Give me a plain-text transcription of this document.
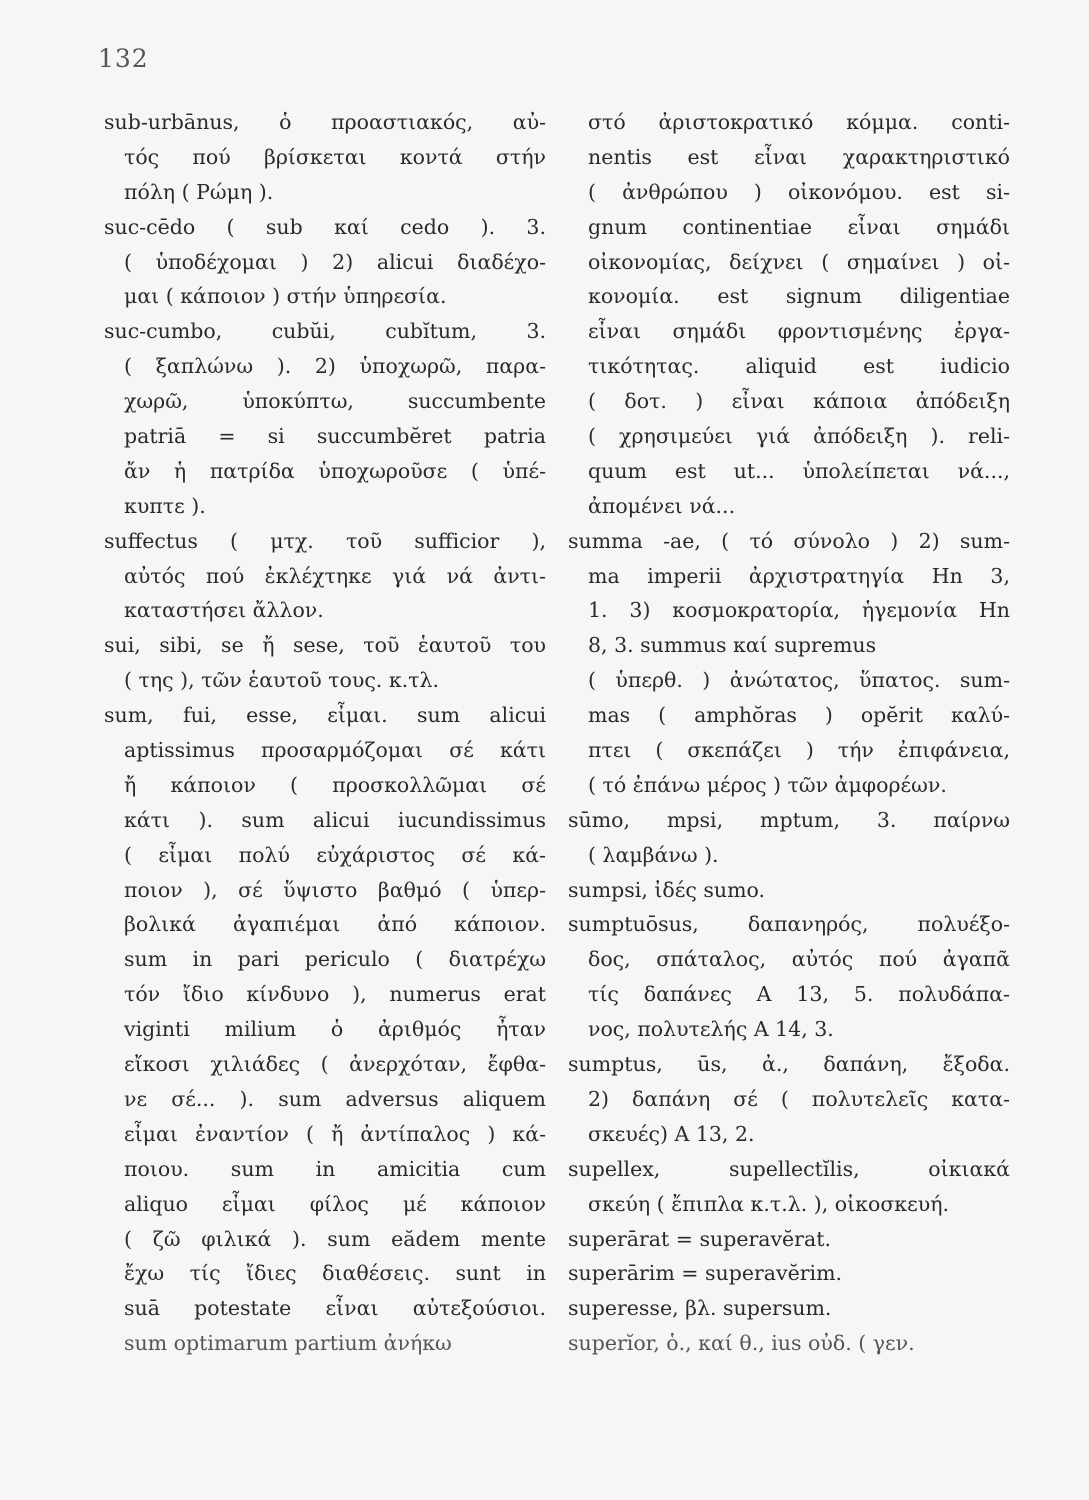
132
sub-urbānus, ὁ προαστιακός, αὐ-
τός πού βρίσκεται κοντά στήν
πόλη ( Ρώμη ).
suc-cēdo ( sub καί cedo ). 3.
( ὑποδέχομαι ) 2) alicui διαδέχο-
μαι ( κάποιον ) στήν ὑπηρεσία.
suc-cumbo, cubŭi, cubĭtum, 3.
( ξαπλώνω ). 2) ὑποχωρῶ, παρα-
χωρῶ, ὑποκύπτω, succumbente
patriā = si succumbĕret patria
ἄν ἡ πατρίδα ὑποχωροῦσε ( ὑπέ-
κυπτε ).
suffectus ( μτχ. τοῦ sufficior ),
αὐτός πού ἐκλέχτηκε γιά νά ἀντι-
καταστήσει ἄλλον.
sui, sibi, se ἤ sese, τοῦ ἑαυτοῦ του
( της ), τῶν ἑαυτοῦ τους. κ.τλ.
sum, fui, esse, εἶμαι. sum alicui
aptissimus προσαρμόζομαι σέ κάτι
ἤ κάποιον ( προσκολλῶμαι σέ
κάτι ). sum alicui iucundissimus
( εἶμαι πολύ εὐχάριστος σέ κά-
ποιον ), σέ ὕψιστο βαθμό ( ὑπερ-
βολικά ἀγαπιέμαι ἀπό κάποιον.
sum in pari periculo ( διατρέχω
τόν ἴδιο κίνδυνο ), numerus erat
viginti milium ὁ ἀριθμός ἦταν
εἴκοσι χιλιάδες ( ἀνερχόταν, ἔφθα-
νε σέ... ). sum adversus aliquem
εἶμαι ἐναντίον ( ἤ ἀντίπαλος ) κά-
ποιου. sum in amicitia cum
aliquo εἶμαι φίλος μέ κάποιον
( ζῶ φιλικά ). sum eădem mente
ἔχω τίς ἴδιες διαθέσεις. sunt in
suā potestate εἶναι αὐτεξούσιοι.
sum optimarum partium ἀνήκω
στό ἀριστοκρατικό κόμμα. conti-
nentis est εἶναι χαρακτηριστικό
( ἀνθρώπου ) οἰκονόμου. est si-
gnum continentiae εἶναι σημάδι
οἰκονομίας, δείχνει ( σημαίνει ) οἰ-
κονομία. est signum diligentiae
εἶναι σημάδι φροντισμένης ἐργα-
τικότητας. aliquid est iudicio
( δοτ. ) εἶναι κάποια ἀπόδειξη
( χρησιμεύει γιά ἀπόδειξη ). reli-
quum est ut... ὑπολείπεται νά...,
ἀπομένει νά...
summa -ae, ( τό σύνολο ) 2) sum-
ma imperii ἀρχιστρατηγία Hn 3,
1. 3) κοσμοκρατορία, ἡγεμονία Hn
8, 3. summus καί supremus
( ὑπερθ. ) ἀνώτατος, ὕπατος. sum-
mas ( amphŏras ) opĕrit καλύ-
πτει ( σκεπάζει ) τήν ἐπιφάνεια,
( τό ἐπάνω μέρος ) τῶν ἀμφορέων.
sūmo, mpsi, mptum, 3. παίρνω
( λαμβάνω ).
sumpsi, ἰδές sumo.
sumptuōsus, δαπανηρός, πολυέξο-
δος, σπάταλος, αὐτός πού ἀγαπᾶ
τίς δαπάνες A 13, 5. πολυδάπα-
νος, πολυτελής A 14, 3.
sumptus, ūs, ἀ., δαπάνη, ἔξοδα.
2) δαπάνη σέ ( πολυτελεῖς κατα-
σκευές) A 13, 2.
supellex, supellectĭlis, οἰκιακά
σκεύη ( ἔπιπλα κ.τ.λ. ), οἰκοσκευή.
superārat = superavĕrat.
superārim = superavĕrim.
superesse, βλ. supersum.
superĭor, ὁ., καί θ., ius οὐδ. ( γεν.
